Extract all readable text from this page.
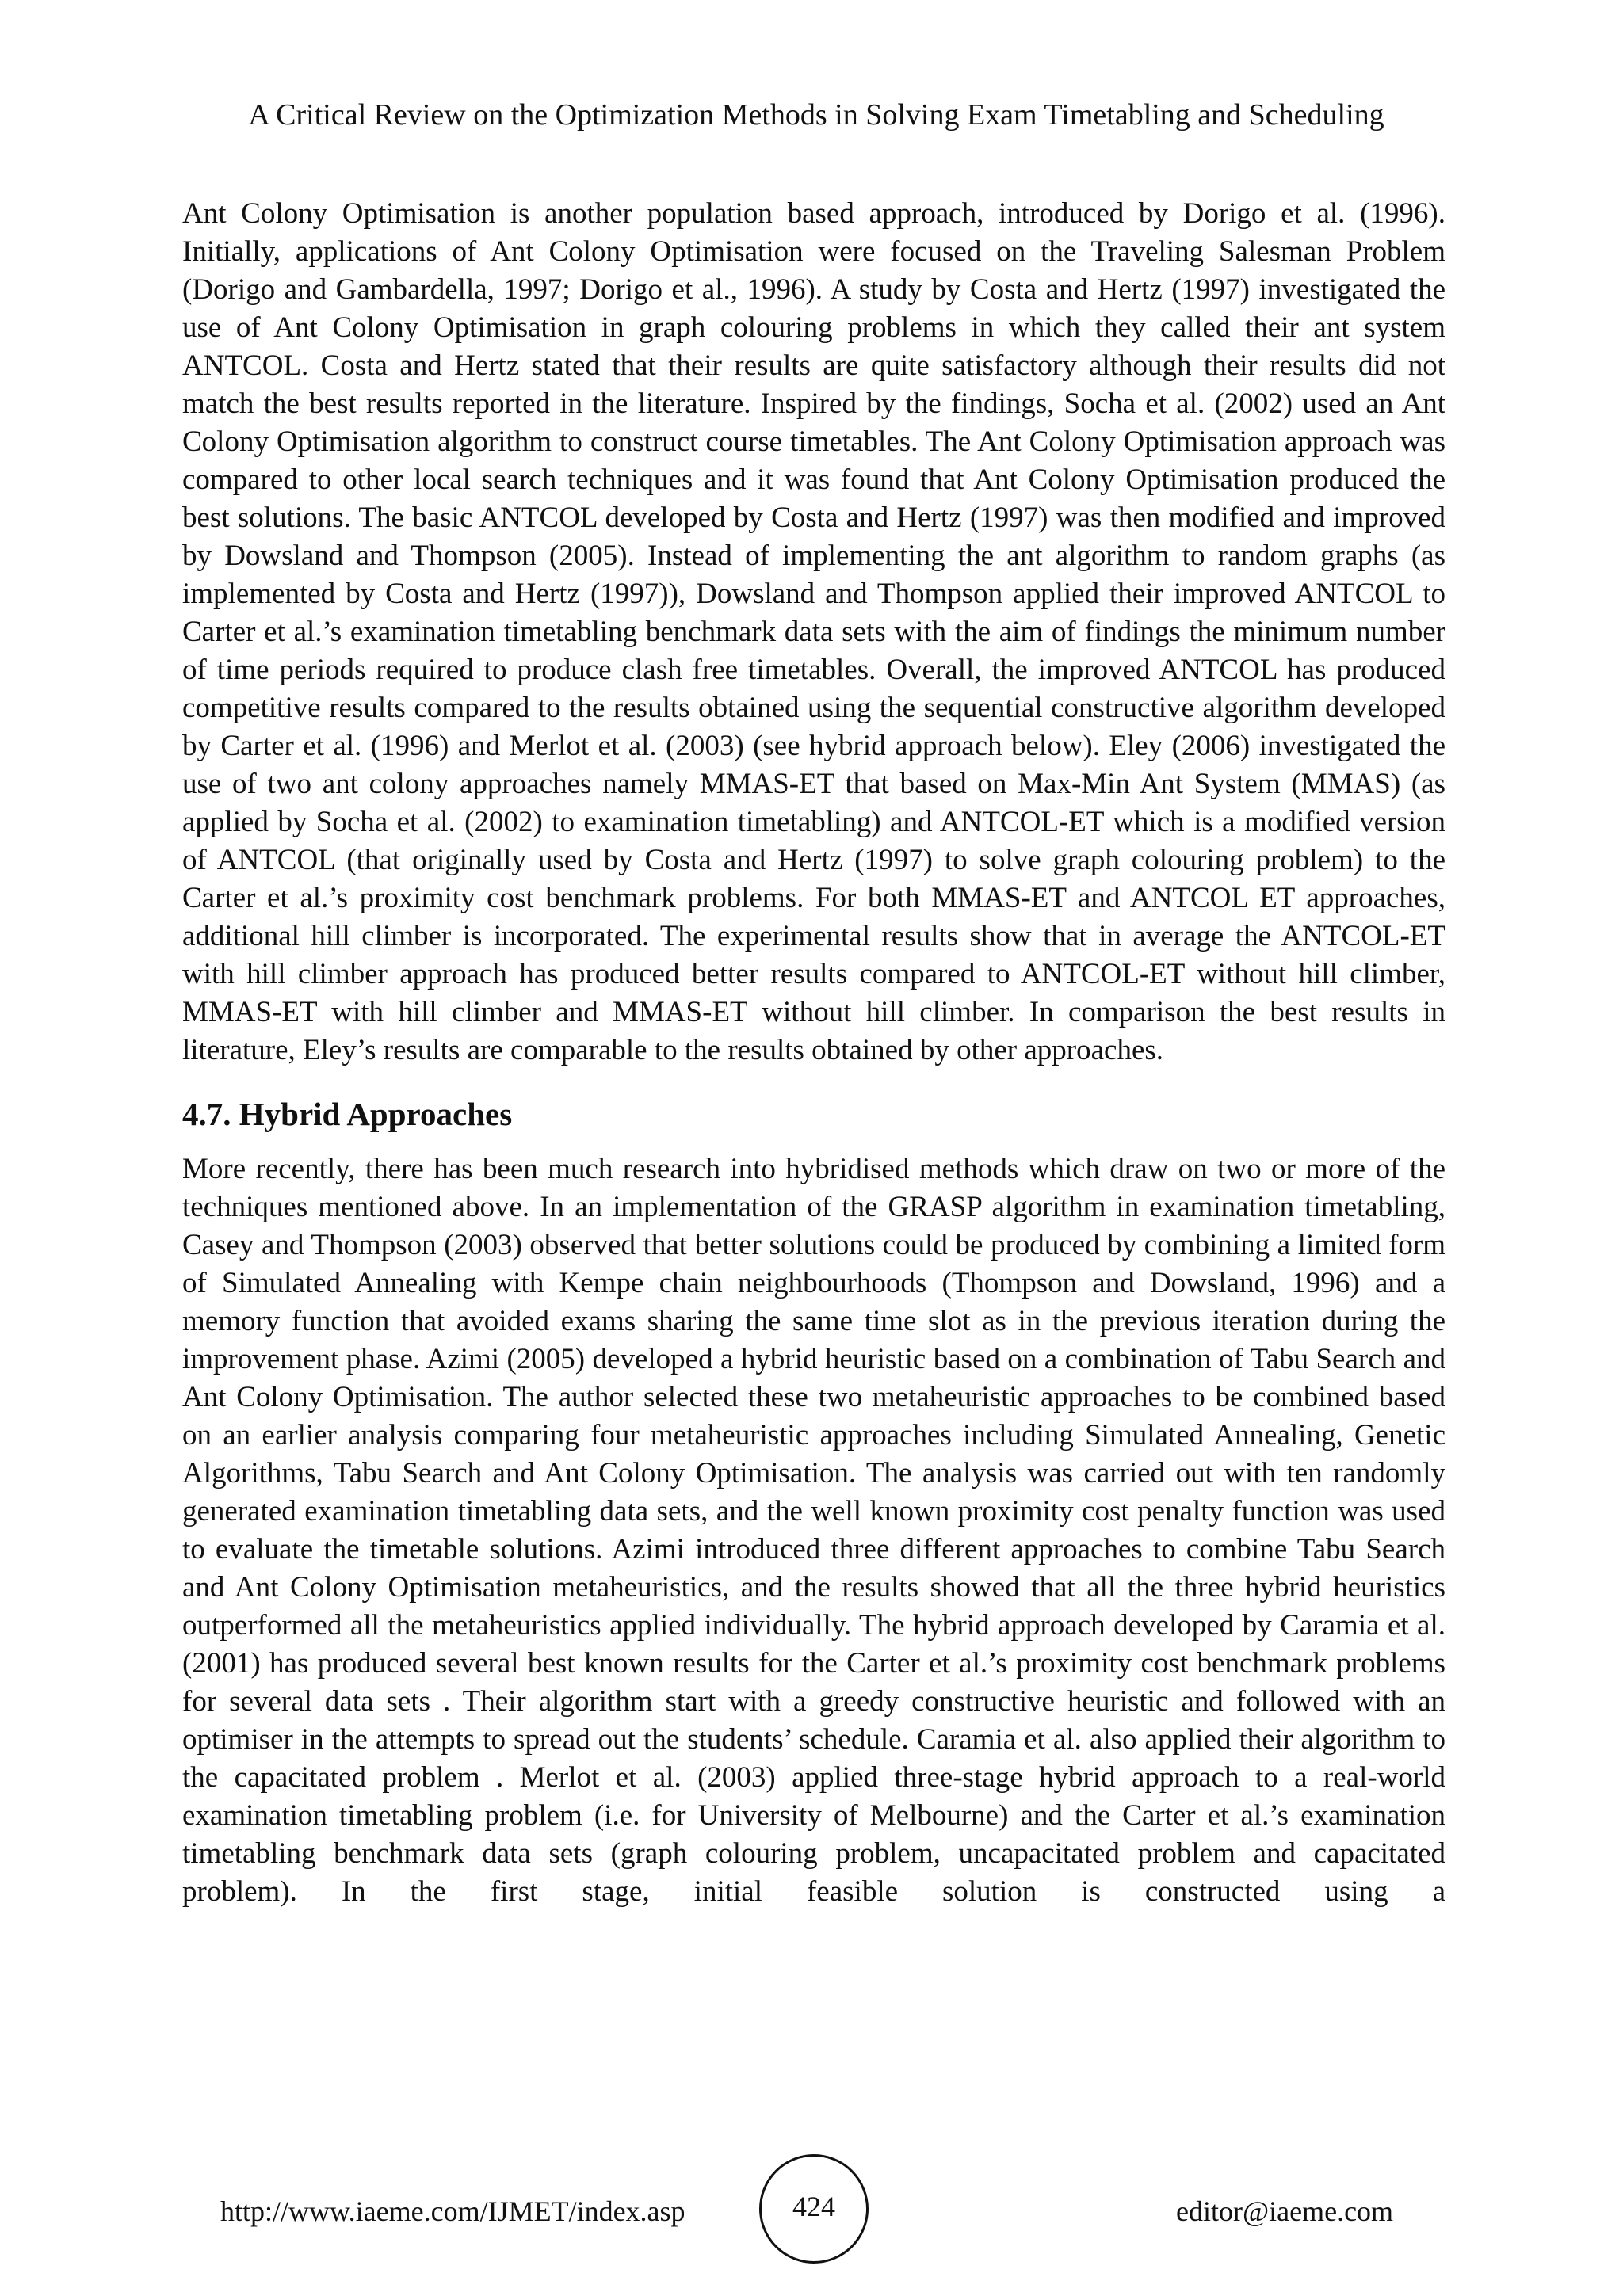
A Critical Review on the Optimization Methods in Solving Exam Timetabling and Scheduling

Ant Colony Optimisation is another population based approach, introduced by Dorigo et al. (1996). Initially, applications of Ant Colony Optimisation were focused on the Traveling Salesman Problem (Dorigo and Gambardella, 1997; Dorigo et al., 1996). A study by Costa and Hertz (1997) investigated the use of Ant Colony Optimisation in graph colouring problems in which they called their ant system ANTCOL. Costa and Hertz stated that their results are quite satisfactory although their results did not match the best results reported in the literature. Inspired by the findings, Socha et al. (2002) used an Ant Colony Optimisation algorithm to construct course timetables. The Ant Colony Optimisation approach was compared to other local search techniques and it was found that Ant Colony Optimisation produced the best solutions. The basic ANTCOL developed by Costa and Hertz (1997) was then modified and improved by Dowsland and Thompson (2005). Instead of implementing the ant algorithm to random graphs (as implemented by Costa and Hertz (1997)), Dowsland and Thompson applied their improved ANTCOL to Carter et al.’s examination timetabling benchmark data sets with the aim of findings the minimum number of time periods required to produce clash free timetables. Overall, the improved ANTCOL has produced competitive results compared to the results obtained using the sequential constructive algorithm developed by Carter et al. (1996) and Merlot et al. (2003) (see hybrid approach below). Eley (2006) investigated the use of two ant colony approaches namely MMAS-ET that based on Max-Min Ant System (MMAS) (as applied by Socha et al. (2002) to examination timetabling) and ANTCOL-ET which is a modified version of ANTCOL (that originally used by Costa and Hertz (1997) to solve graph colouring problem) to the Carter et al.’s proximity cost benchmark problems. For both MMAS-ET and ANTCOL ET approaches, additional hill climber is incorporated. The experimental results show that in average the ANTCOL-ET with hill climber approach has produced better results compared to ANTCOL-ET without hill climber, MMAS-ET with hill climber and MMAS-ET without hill climber. In comparison the best results in literature, Eley’s results are comparable to the results obtained by other approaches.

4.7. Hybrid Approaches

More recently, there has been much research into hybridised methods which draw on two or more of the techniques mentioned above. In an implementation of the GRASP algorithm in examination timetabling, Casey and Thompson (2003) observed that better solutions could be produced by combining a limited form of Simulated Annealing with Kempe chain neighbourhoods (Thompson and Dowsland, 1996) and a memory function that avoided exams sharing the same time slot as in the previous iteration during the improvement phase. Azimi (2005) developed a hybrid heuristic based on a combination of Tabu Search and Ant Colony Optimisation. The author selected these two metaheuristic approaches to be combined based on an earlier analysis comparing four metaheuristic approaches including Simulated Annealing, Genetic Algorithms, Tabu Search and Ant Colony Optimisation. The analysis was carried out with ten randomly generated examination timetabling data sets, and the well known proximity cost penalty function was used to evaluate the timetable solutions. Azimi introduced three different approaches to combine Tabu Search and Ant Colony Optimisation metaheuristics, and the results showed that all the three hybrid heuristics outperformed all the metaheuristics applied individually. The hybrid approach developed by Caramia et al. (2001) has produced several best known results for the Carter et al.’s proximity cost benchmark problems for several data sets . Their algorithm start with a greedy constructive heuristic and followed with an optimiser in the attempts to spread out the students’ schedule. Caramia et al. also applied their algorithm to the capacitated problem . Merlot et al. (2003) applied three-stage hybrid approach to a real-world examination timetabling problem (i.e. for University of Melbourne) and the Carter et al.’s examination timetabling benchmark data sets (graph colouring problem, uncapacitated problem and capacitated problem). In the first stage, initial feasible solution is constructed using a

http://www.iaeme.com/IJMET/index.asp	424	editor@iaeme.com
